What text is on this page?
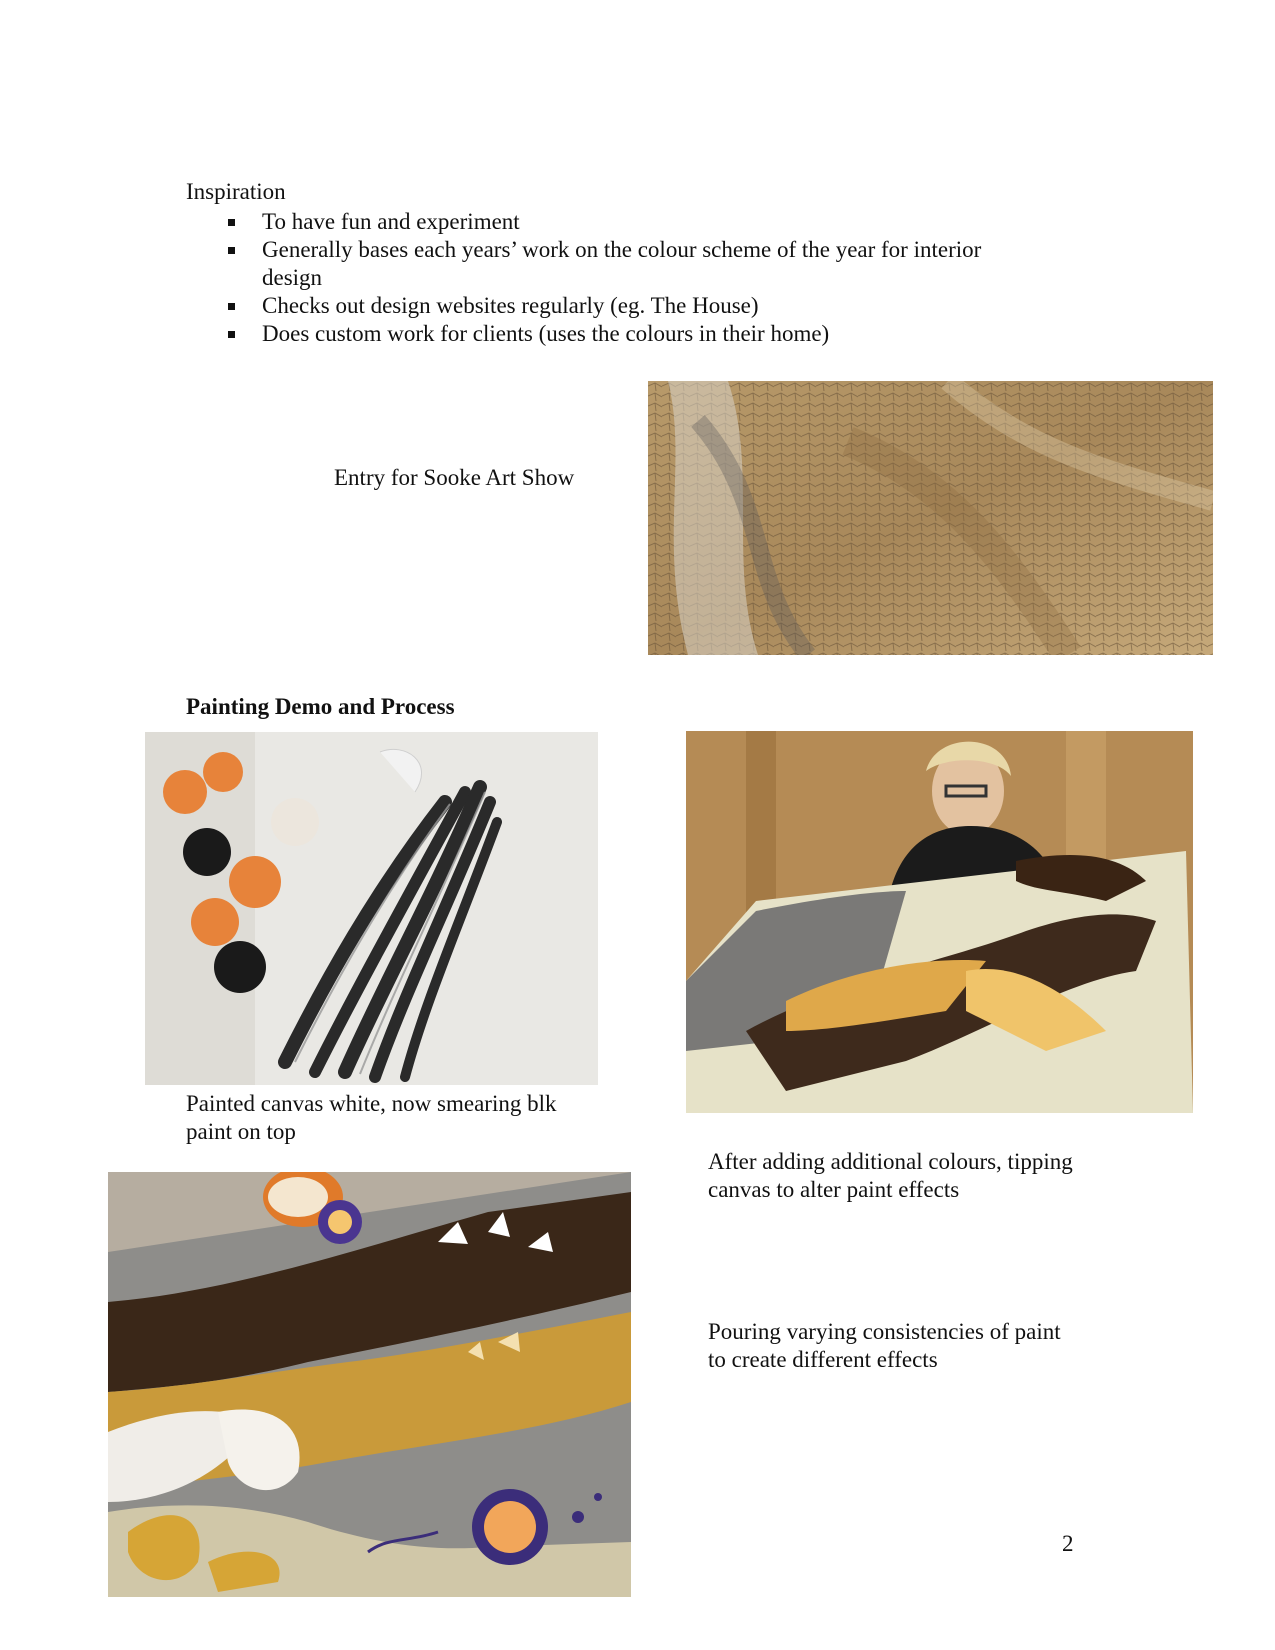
Inspiration
To have fun and experiment
Generally bases each years’ work on the colour scheme of the year for interior design
Checks out design websites regularly (eg. The House)
Does custom work for clients (uses the colours in their home)
Entry for Sooke Art Show
Painting Demo and Process
Painted canvas white, now smearing blk paint on top
After adding additional colours, tipping canvas to alter paint effects
Pouring varying consistencies of paint to create different effects
2
